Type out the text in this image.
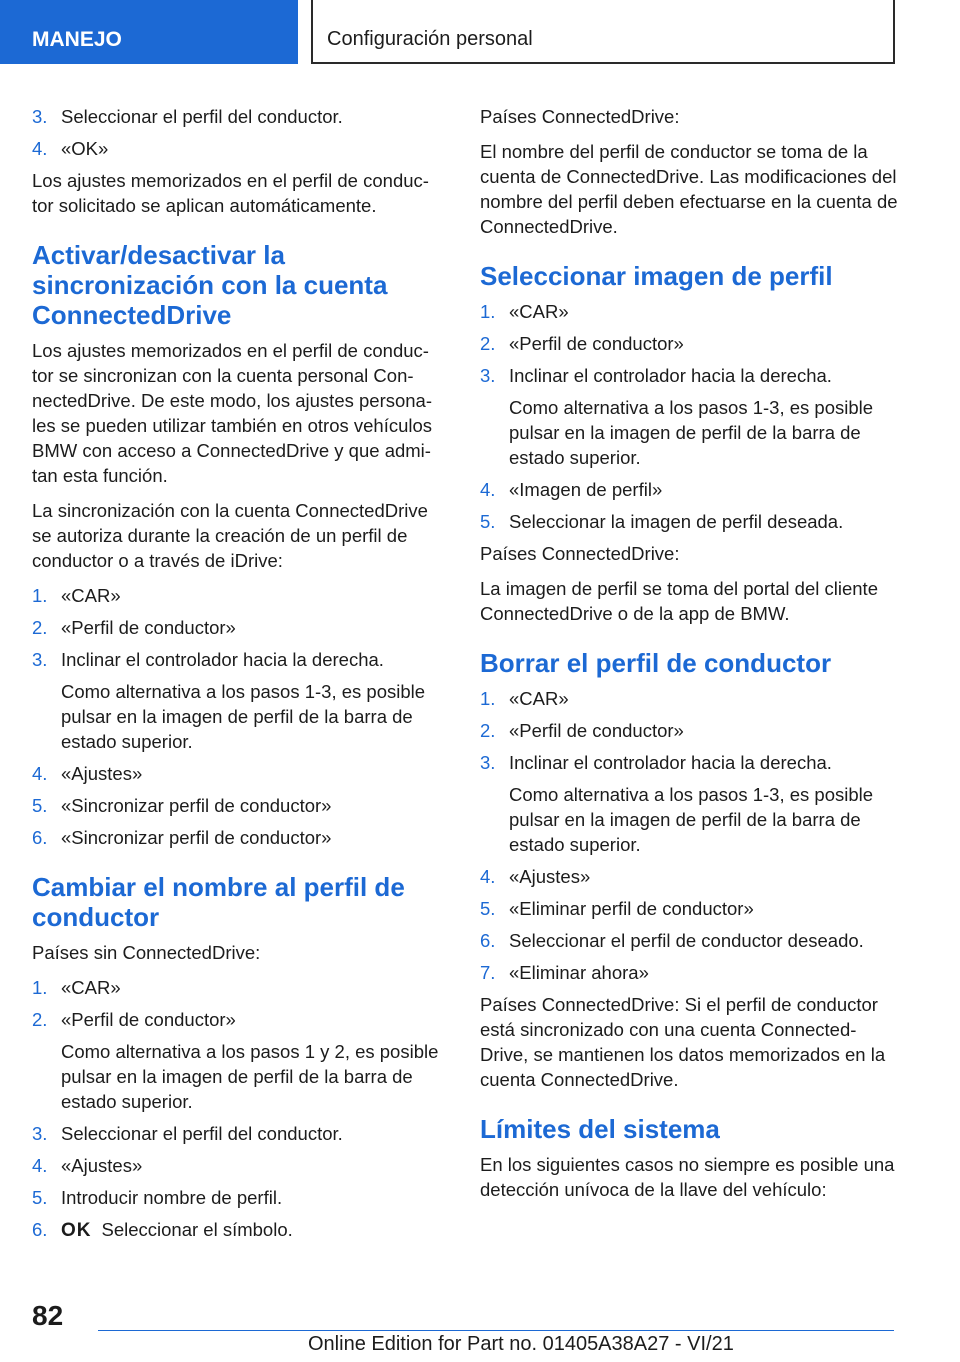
MANEJO	Configuración personal
3. Seleccionar el perfil del conductor.
4. «OK»

Los ajustes memorizados en el perfil de conduc-tor solicitado se aplican automáticamente.

Activar/desactivar la sincronización con la cuenta ConnectedDrive

Los ajustes memorizados en el perfil de conduc-tor se sincronizan con la cuenta personal Con-nectedDrive. De este modo, los ajustes persona-les se pueden utilizar también en otros vehículos BMW con acceso a ConnectedDrive y que admi-tan esta función.

La sincronización con la cuenta ConnectedDrive se autoriza durante la creación de un perfil de conductor o a través de iDrive:

1. «CAR»
2. «Perfil de conductor»
3. Inclinar el controlador hacia la derecha.
Como alternativa a los pasos 1-3, es posible pulsar en la imagen de perfil de la barra de estado superior.
4. «Ajustes»
5. «Sincronizar perfil de conductor»
6. «Sincronizar perfil de conductor»
Cambiar el nombre al perfil de conductor

Países sin ConnectedDrive:

1. «CAR»
2. «Perfil de conductor»
Como alternativa a los pasos 1 y 2, es posible pulsar en la imagen de perfil de la barra de estado superior.
3. Seleccionar el perfil del conductor.
4. «Ajustes»
5. Introducir nombre de perfil.
6. OK Seleccionar el símbolo.

Países ConnectedDrive:

El nombre del perfil de conductor se toma de la cuenta de ConnectedDrive. Las modificaciones del nombre del perfil deben efectuarse en la cuenta de ConnectedDrive.

Seleccionar imagen de perfil
1. «CAR»
2. «Perfil de conductor»
3. Inclinar el controlador hacia la derecha.
Como alternativa a los pasos 1-3, es posible pulsar en la imagen de perfil de la barra de estado superior.
4. «Imagen de perfil»
5. Seleccionar la imagen de perfil deseada.

Países ConnectedDrive:

La imagen de perfil se toma del portal del cliente ConnectedDrive o de la app de BMW.

Borrar el perfil de conductor
1. «CAR»
2. «Perfil de conductor»
3. Inclinar el controlador hacia la derecha.
Como alternativa a los pasos 1-3, es posible pulsar en la imagen de perfil de la barra de estado superior.
4. «Ajustes»
5. «Eliminar perfil de conductor»
6. Seleccionar el perfil de conductor deseado.
7. «Eliminar ahora»

Países ConnectedDrive: Si el perfil de conductor está sincronizado con una cuenta Connected-Drive, se mantienen los datos memorizados en la cuenta ConnectedDrive.

Límites del sistema

En los siguientes casos no siempre es posible una detección unívoca de la llave del vehículo:

82
Online Edition for Part no. 01405A38A27 - VI/21
